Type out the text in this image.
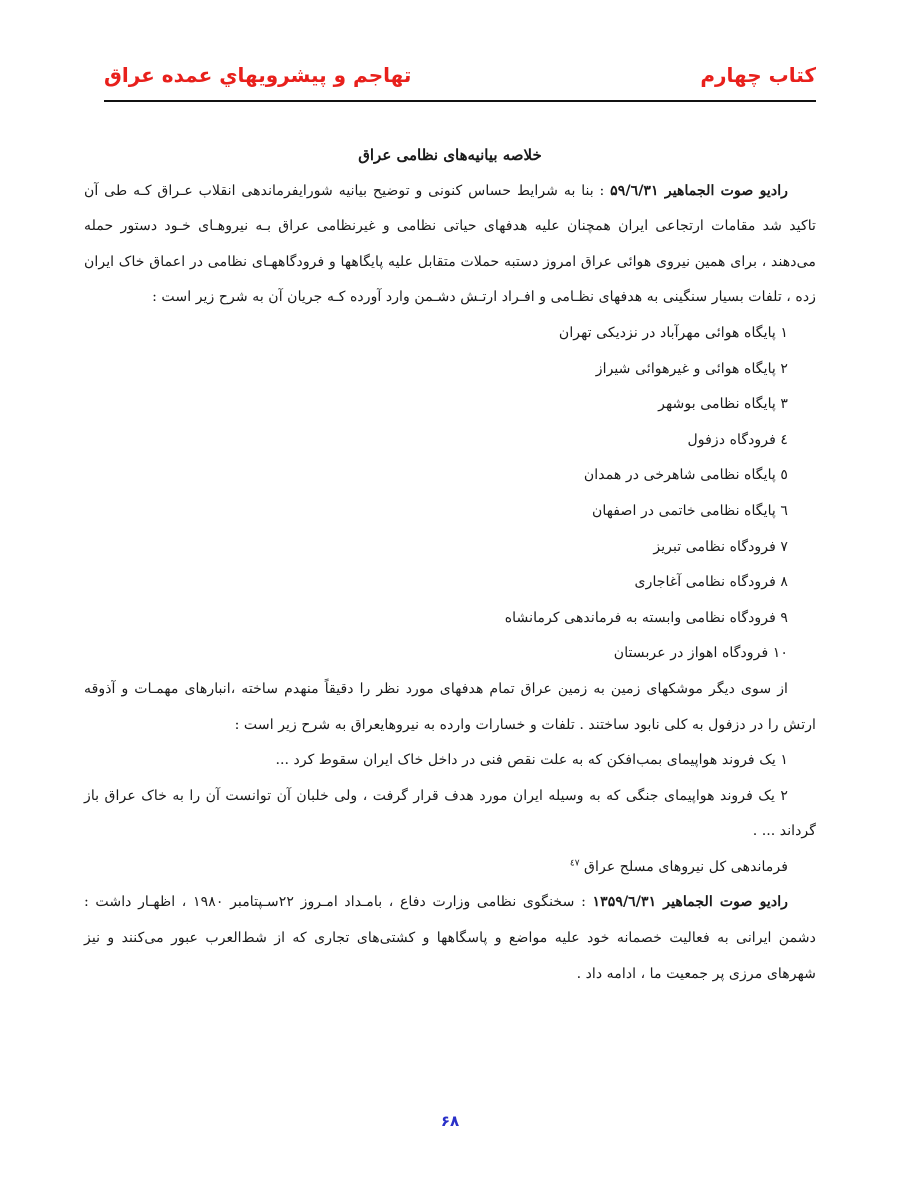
کتاب چهارم
تهاجم و پیشرویهاي عمده عراق
خلاصه بیانیه‌های نظامی عراق
رادیو صوت الجماهیر ۵۹/٦/۳۱ : بنا به شرایط حساس کنونی و توضیح بیانیه شورایفرماندهی انقلاب عـراق کـه طی آن تاکید شد مقامات ارتجاعی ایران همچنان علیه هدفهای حیاتی نظامی و غیرنظامی عراق بـه نیروهـای خـود دستور حمله می‌دهند ، برای همین نیروی هوائی عراق امروز دستبه حملات متقابل علیه پایگاهها و فرودگاههـای نظامی در اعماق خاک ایران زده ، تلفات بسیار سنگینی به هدفهای نظـامی و افـراد ارتـش دشـمن وارد آورده کـه جریان آن به شرح زیر است :
۱ پایگاه هوائی مهرآباد در نزدیکی تهران
۲ پایگاه هوائی و غیرهوائی شیراز
۳ پایگاه نظامی بوشهر
٤ فرودگاه دزفول
٥ پایگاه نظامی شاهرخی در همدان
٦ پایگاه نظامی خاتمی در اصفهان
۷ فرودگاه نظامی تبریز
۸ فرودگاه نظامی آغاجاری
۹ فرودگاه نظامی وابسته به فرماندهی کرمانشاه
۱۰ فرودگاه اهواز در عربستان
از سوی دیگر موشکهای زمین به زمین عراق تمام هدفهای مورد نظر را دقیقاً منهدم ساخته ،انبارهای مهمـات و آذوقه ارتش را در دزفول به کلی نابود ساختند . تلفات و خسارات وارده به نیروهایعراق به شرح زیر است :
۱ یک فروند هواپیمای بمب‌افکن که به علت نقص فنی در داخل خاک ایران سقوط کرد ...
۲ یک فروند هواپیمای جنگی که به وسیله ایران مورد هدف قرار گرفت ، ولی خلبان آن توانست آن را به خاک عراق باز گرداند ... .
فرماندهی کل نیروهای مسلح عراق $^{٤٧}$
رادیو صوت الجماهیر ۱۳۵۹/٦/۳۱ : سخنگوی نظامی وزارت دفاع ، بامـداد امـروز ۲۲سـپتامبر ۱۹۸۰ ، اظهـار داشت : دشمن ایرانی به فعالیت خصمانه خود علیه مواضع و پاسگاهها و کشتی‌های تجاری که از شط‌العرب عبور می‌کنند و نیز شهرهای مرزی پر جمعیت ما ، ادامه داد .
۶۸
